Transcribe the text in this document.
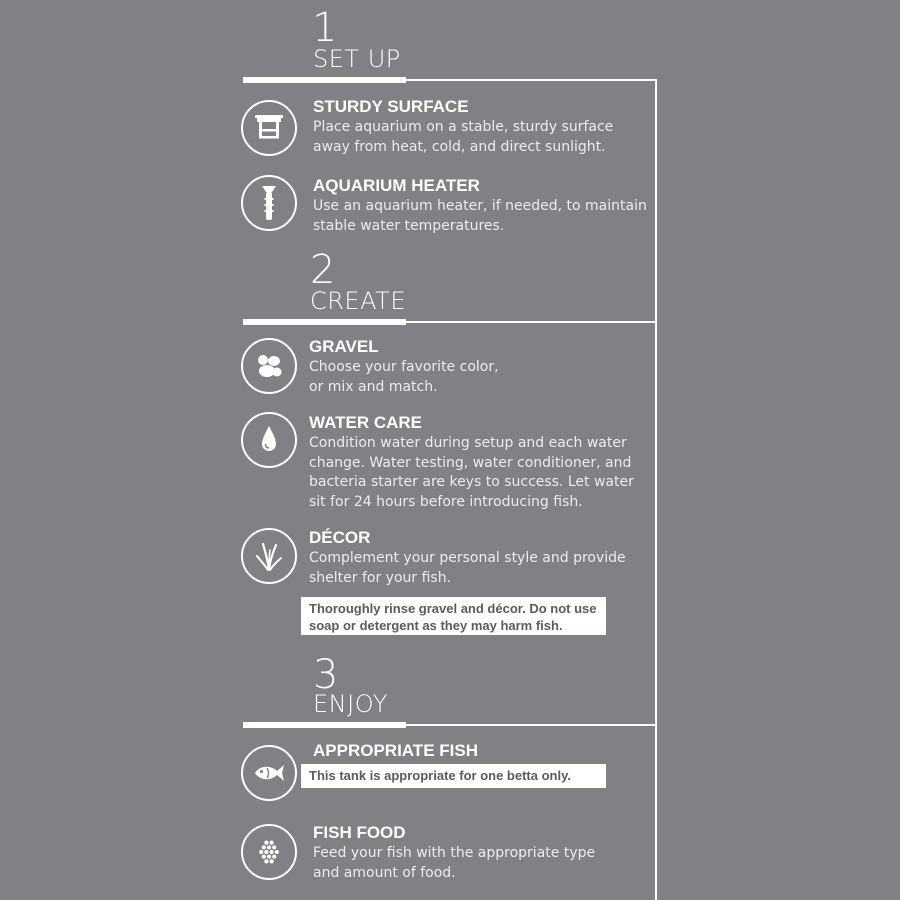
1
SET UP
STURDY SURFACE
Place aquarium on a stable, sturdy surface
away from heat, cold, and direct sunlight.
AQUARIUM HEATER
Use an aquarium heater, if needed, to maintain
stable water temperatures.
2
CREATE
GRAVEL
Choose your favorite color,
or mix and match.
WATER CARE
Condition water during setup and each water
change. Water testing, water conditioner, and
bacteria starter are keys to success. Let water
sit for 24 hours before introducing fish.
DÉCOR
Complement your personal style and provide
shelter for your fish.
Thoroughly rinse gravel and décor. Do not use
soap or detergent as they may harm fish.
3
ENJOY
APPROPRIATE FISH
This tank is appropriate for one betta only.
FISH FOOD
Feed your fish with the appropriate type
and amount of food.
